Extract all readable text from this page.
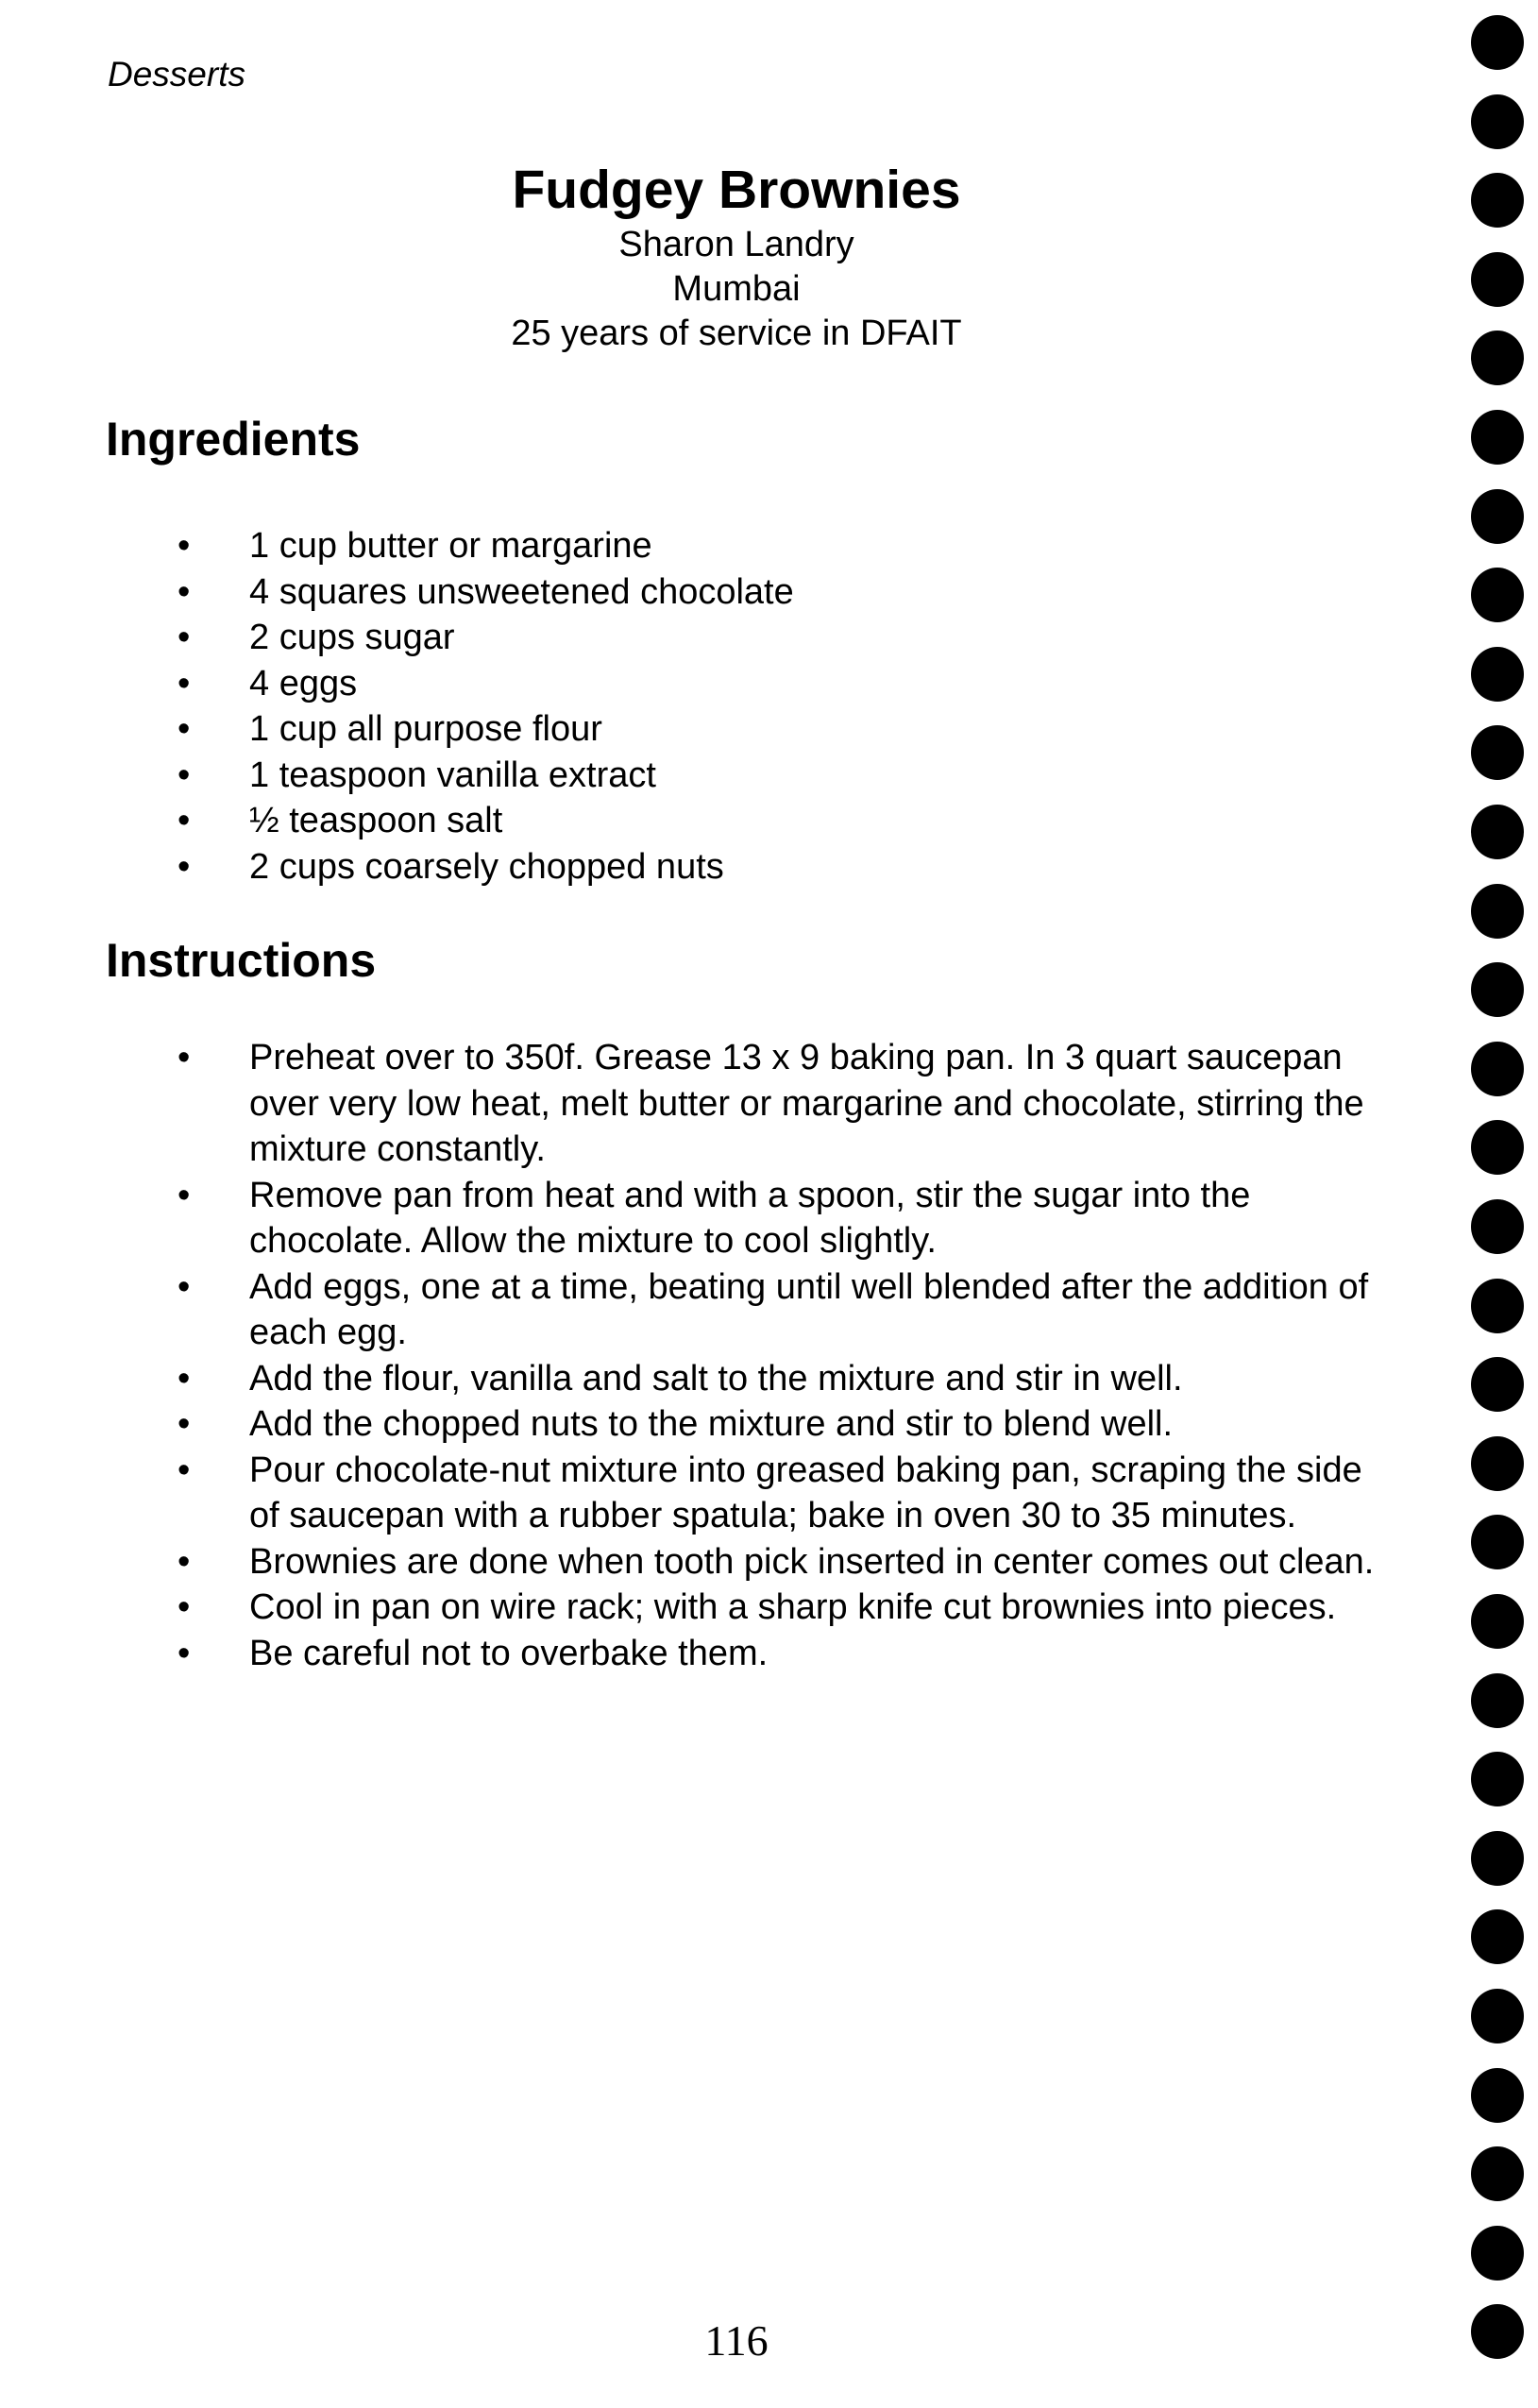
Desserts
Fudgey Brownies
Sharon Landry
Mumbai
25 years of service in DFAIT
Ingredients
• 1 cup butter or margarine
• 4 squares unsweetened chocolate
• 2 cups sugar
• 4 eggs
• 1 cup all purpose flour
• 1 teaspoon vanilla extract
• ½ teaspoon salt
• 2 cups coarsely chopped nuts
Instructions
• Preheat over to 350f. Grease 13 x 9 baking pan. In 3 quart saucepan over very low heat, melt butter or margarine and chocolate, stirring the mixture constantly.
• Remove pan from heat and with a spoon, stir the sugar into the chocolate. Allow the mixture to cool slightly.
• Add eggs, one at a time, beating until well blended after the addition of each egg.
• Add the flour, vanilla and salt to the mixture and stir in well.
• Add the chopped nuts to the mixture and stir to blend well.
• Pour chocolate-nut mixture into greased baking pan, scraping the side of saucepan with a rubber spatula; bake in oven 30 to 35 minutes.
• Brownies are done when tooth pick inserted in center comes out clean.
• Cool in pan on wire rack; with a sharp knife cut brownies into pieces.
• Be careful not to overbake them.
116
